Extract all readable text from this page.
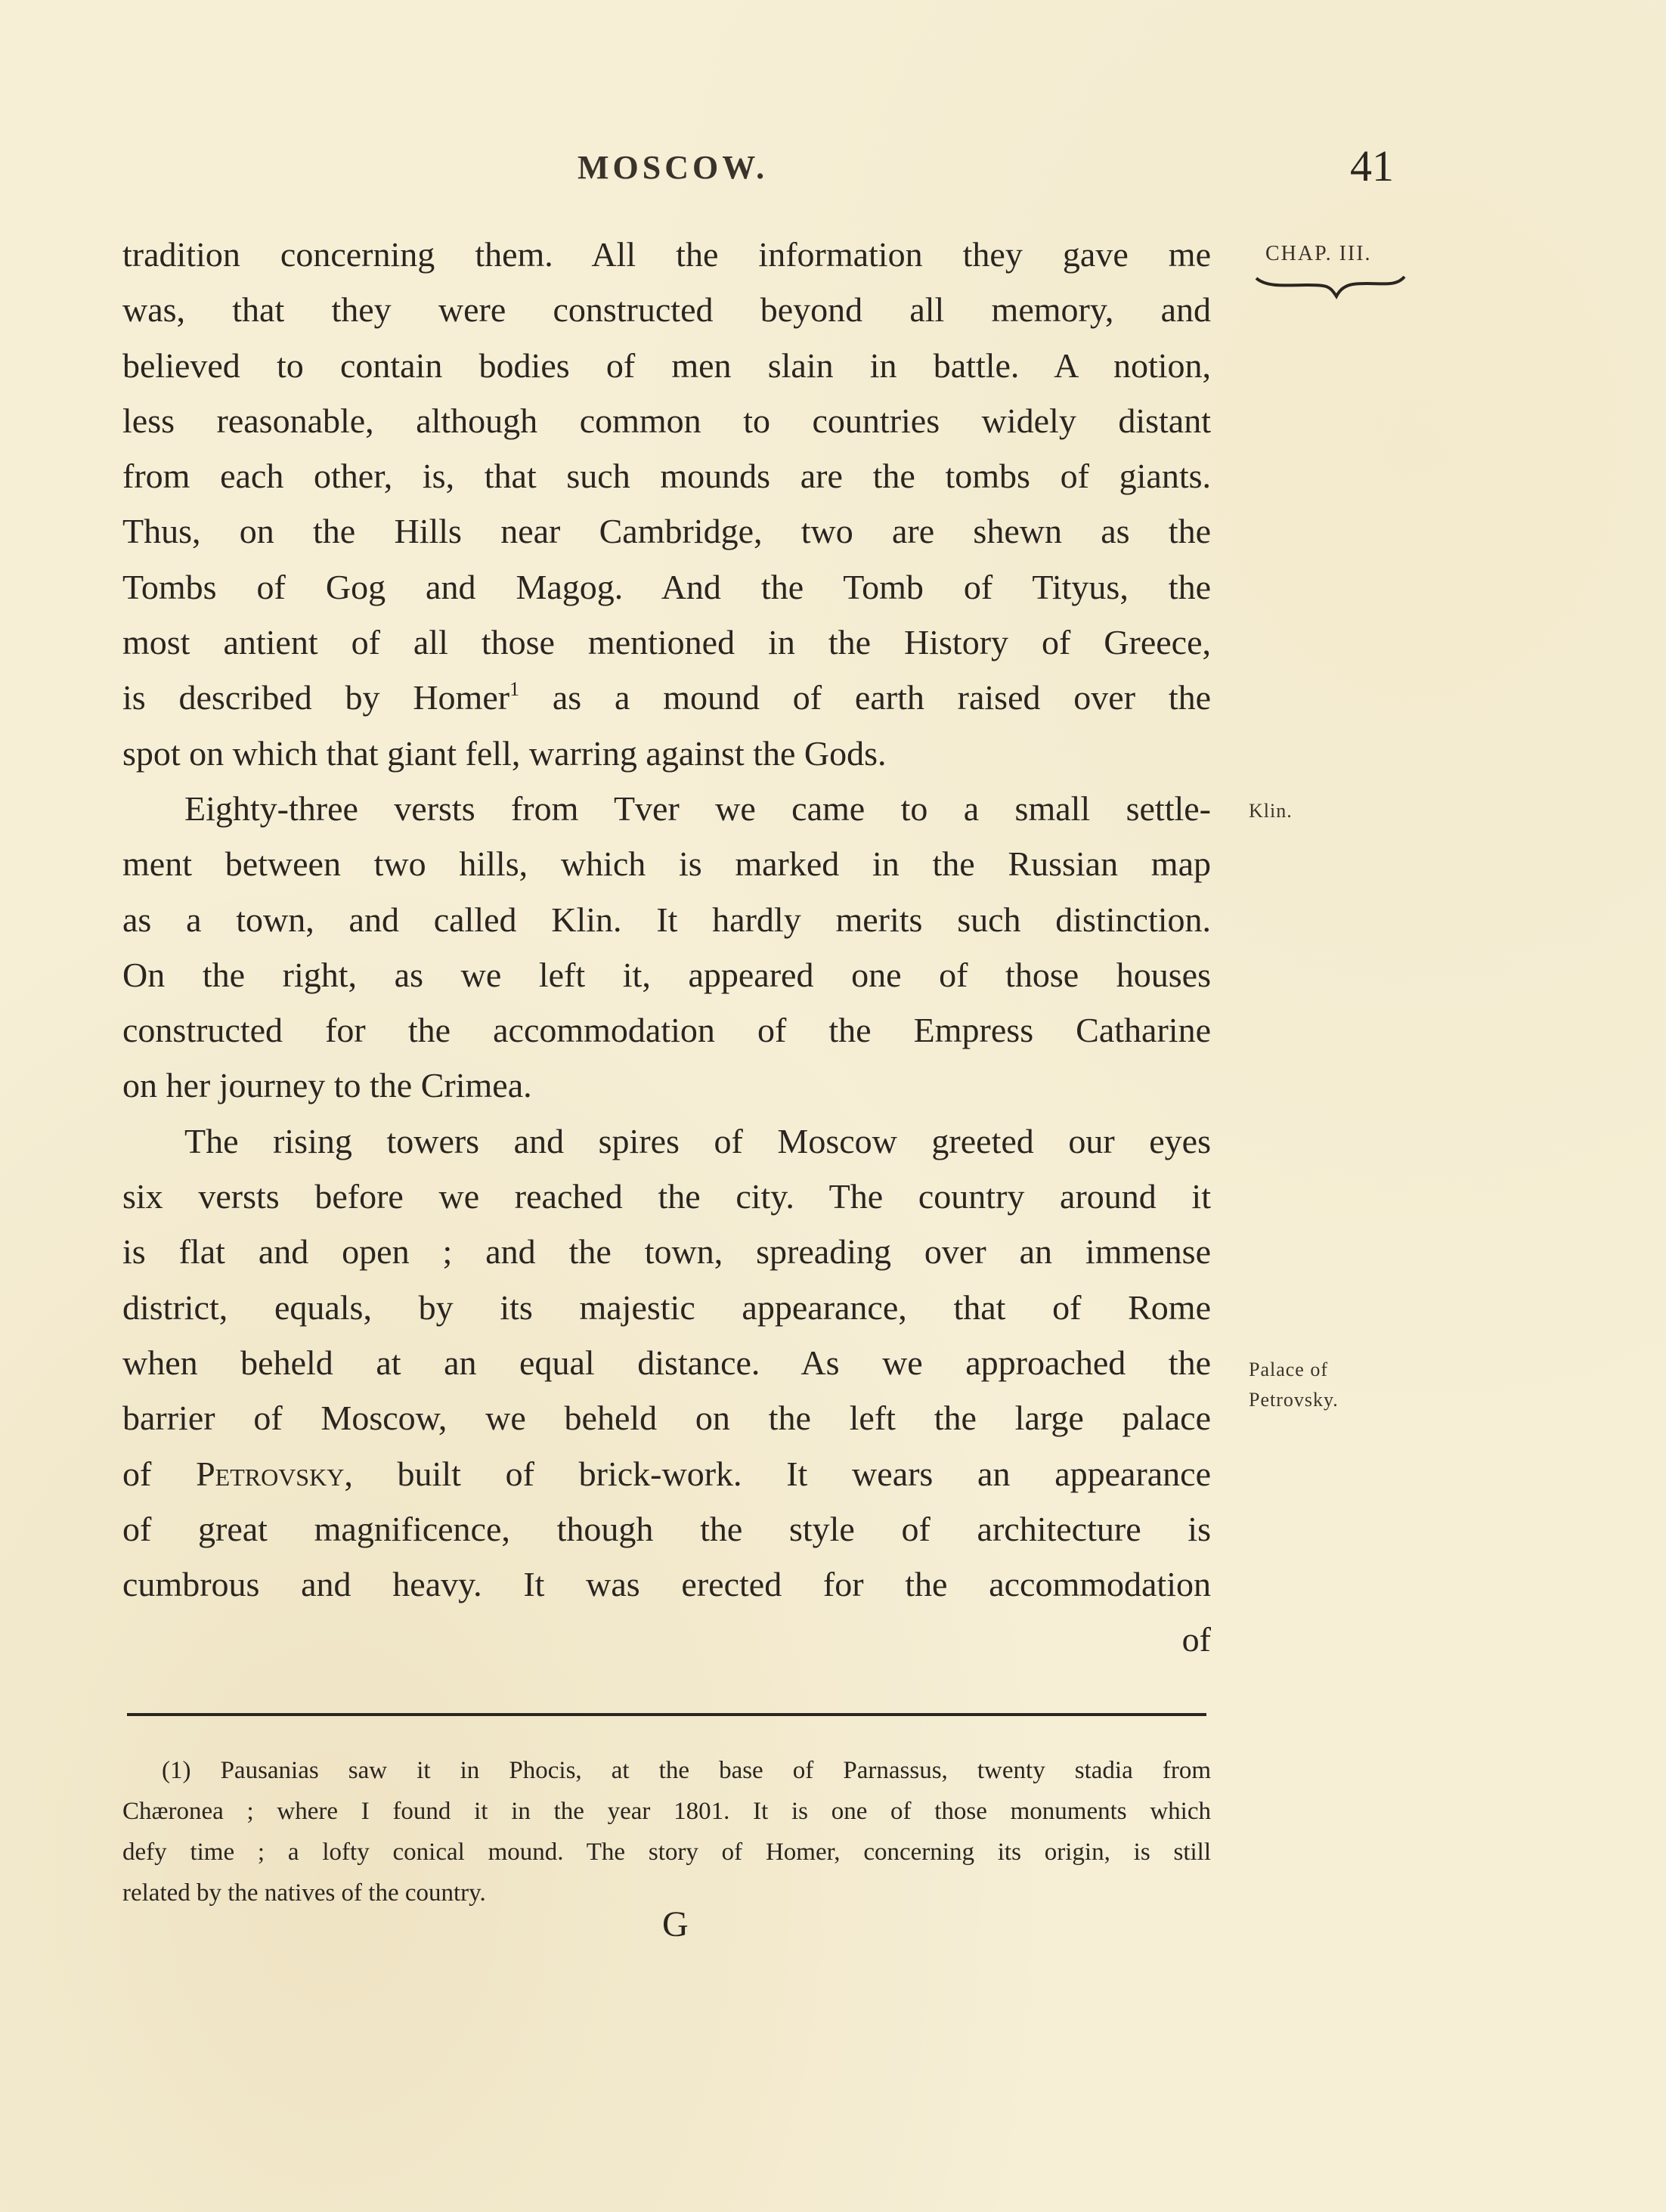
MOSCOW.	41
CHAP. III.
Klin.
Palace of
Petrovsky.
tradition concerning them. All the information they gave me
was, that they were constructed beyond all memory, and
believed to contain bodies of men slain in battle. A notion,
less reasonable, although common to countries widely distant
from each other, is, that such mounds are the tombs of giants.
Thus, on the Hills near Cambridge, two are shewn as the
Tombs of Gog and Magog. And the Tomb of Tityus, the
most antient of all those mentioned in the History of Greece,
is described by Homer$^1$ as a mound of earth raised over the
spot on which that giant fell, warring against the Gods.
Eighty-three versts from Tver we came to a small settle-
ment between two hills, which is marked in the Russian map
as a town, and called Klin. It hardly merits such distinction.
On the right, as we left it, appeared one of those houses
constructed for the accommodation of the Empress Catharine
on her journey to the Crimea.
The rising towers and spires of Moscow greeted our eyes
six versts before we reached the city. The country around it
is flat and open ; and the town, spreading over an immense
district, equals, by its majestic appearance, that of Rome
when beheld at an equal distance. As we approached the
barrier of Moscow, we beheld on the left the large palace
of Petrovsky, built of brick-work. It wears an appearance
of great magnificence, though the style of architecture is
cumbrous and heavy. It was erected for the accommodation
of
(1) Pausanias saw it in Phocis, at the base of Parnassus, twenty stadia from
Chæronea ; where I found it in the year 1801. It is one of those monuments which
defy time ; a lofty conical mound. The story of Homer, concerning its origin, is still
related by the natives of the country.
G
